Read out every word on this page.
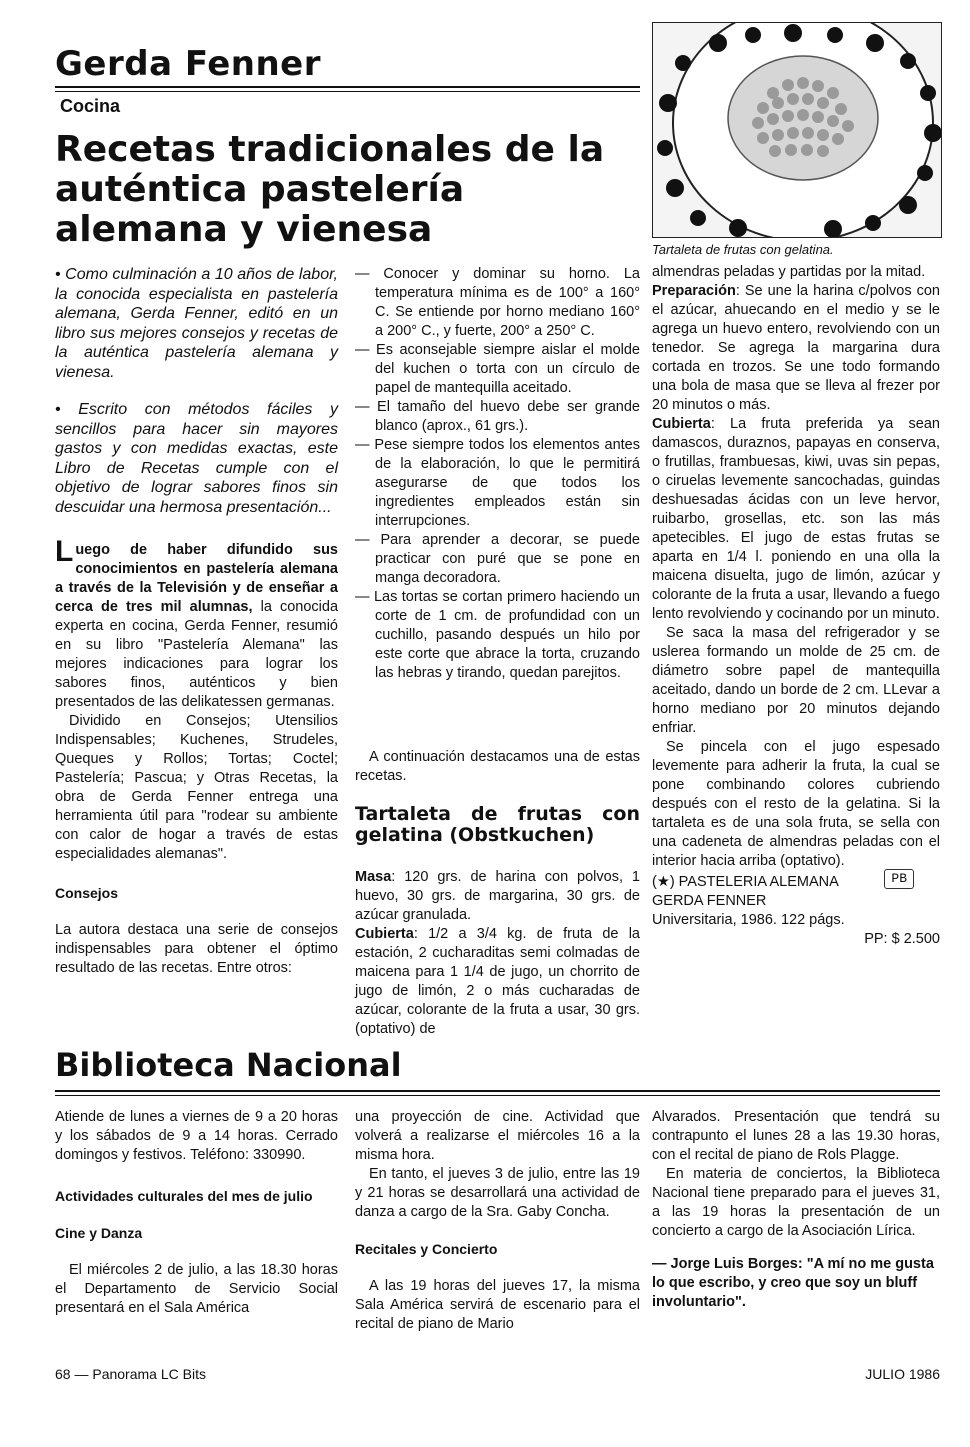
Gerda Fenner
Cocina
Recetas tradicionales de la auténtica pastelería alemana y vienesa	Tartaleta de frutas con gelatina.

• Como culminación a 10 años de labor, la conocida especialista en pastelería alemana, Gerda Fenner, editó en un libro sus mejores consejos y recetas de la auténtica pastelería alemana y vienesa.

• Escrito con métodos fáciles y sencillos para hacer sin mayores gastos y con medidas exactas, este Libro de Recetas cumple con el objetivo de lograr sabores finos sin descuidar una hermosa presentación...

Luego de haber difundido sus conocimientos en pastelería alemana a través de la Televisión y de enseñar a cerca de tres mil alumnas, la conocida experta en cocina, Gerda Fenner, resumió en su libro "Pastelería Alemana" las mejores indicaciones para lograr los sabores finos, auténticos y bien presentados de las delikatessen germanas.

Dividido en Consejos; Utensilios Indispensables; Kuchenes, Strudeles, Queques y Rollos; Tortas; Coctel; Pastelería; Pascua; y Otras Recetas, la obra de Gerda Fenner entrega una herramienta útil para "rodear su ambiente con calor de hogar a través de estas especialidades alemanas".

Consejos

La autora destaca una serie de consejos indispensables para obtener el óptimo resultado de las recetas. Entre otros:

— Conocer y dominar su horno. La temperatura mínima es de 100° a 160° C. Se entiende por horno mediano 160° a 200° C., y fuerte, 200° a 250° C.

— Es aconsejable siempre aislar el molde del kuchen o torta con un círculo de papel de mantequilla aceitado.

— El tamaño del huevo debe ser grande blanco (aprox., 61 grs.).

— Pese siempre todos los elementos antes de la elaboración, lo que le permitirá asegurarse de que todos los ingredientes empleados están sin interrupciones.

— Para aprender a decorar, se puede practicar con puré que se pone en manga decoradora.

— Las tortas se cortan primero haciendo un corte de 1 cm. de profundidad con un cuchillo, pasando después un hilo por este corte que abrace la torta, cruzando las hebras y tirando, quedan parejitos.

A continuación destacamos una de estas recetas.

Tartaleta de frutas con gelatina (Obstkuchen)

Masa: 120 grs. de harina con polvos, 1 huevo, 30 grs. de margarina, 30 grs. de azúcar granulada.

Cubierta: 1/2 a 3/4 kg. de fruta de la estación, 2 cucharaditas semi colmadas de maicena para 1 1/4 de jugo, un chorrito de jugo de limón, 2 o más cucharadas de azúcar, colorante de la fruta a usar, 30 grs. (optativo) de

almendras peladas y partidas por la mitad.

Preparación: Se une la harina c/polvos con el azúcar, ahuecando en el medio y se le agrega un huevo entero, revolviendo con un tenedor. Se agrega la margarina dura cortada en trozos. Se une todo formando una bola de masa que se lleva al frezer por 20 minutos o más.

Cubierta: La fruta preferida ya sean damascos, duraznos, papayas en conserva, o frutillas, frambuesas, kiwi, uvas sin pepas, o ciruelas levemente sancochadas, guindas deshuesadas ácidas con un leve hervor, ruibarbo, grosellas, etc. son las más apetecibles. El jugo de estas frutas se aparta en 1/4 l. poniendo en una olla la maicena disuelta, jugo de limón, azúcar y colorante de la fruta a usar, llevando a fuego lento revolviendo y cocinando por un minuto.

Se saca la masa del refrigerador y se uslerea formando un molde de 25 cm. de diámetro sobre papel de mantequilla aceitado, dando un borde de 2 cm. LLevar a horno mediano por 20 minutos dejando enfriar.

Se pincela con el jugo espesado levemente para adherir la fruta, la cual se pone combinando colores cubriendo después con el resto de la gelatina. Si la tartaleta es de una sola fruta, se sella con una cadeneta de almendras peladas con el interior hacia arriba (optativo).

PB
(★) PASTELERIA ALEMANA
GERDA FENNER
Universitaria, 1986. 122 págs.
PP: $ 2.500
Biblioteca Nacional

Atiende de lunes a viernes de 9 a 20 horas y los sábados de 9 a 14 horas. Cerrado domingos y festivos. Teléfono: 330990.

Actividades culturales del mes de julio

Cine y Danza

El miércoles 2 de julio, a las 18.30 horas el Departamento de Servicio Social presentará en el Sala América

una proyección de cine. Actividad que volverá a realizarse el miércoles 16 a la misma hora.

En tanto, el jueves 3 de julio, entre las 19 y 21 horas se desarrollará una actividad de danza a cargo de la Sra. Gaby Concha.

Recitales y Concierto

A las 19 horas del jueves 17, la misma Sala América servirá de escenario para el recital de piano de Mario

Alvarados. Presentación que tendrá su contrapunto el lunes 28 a las 19.30 horas, con el recital de piano de Rols Plagge.

En materia de conciertos, la Biblioteca Nacional tiene preparado para el jueves 31, a las 19 horas la presentación de un concierto a cargo de la Asociación Lírica.

— Jorge Luis Borges: "A mí no me gusta lo que escribo, y creo que soy un bluff involuntario".

68 — Panorama LC Bits	JULIO 1986
